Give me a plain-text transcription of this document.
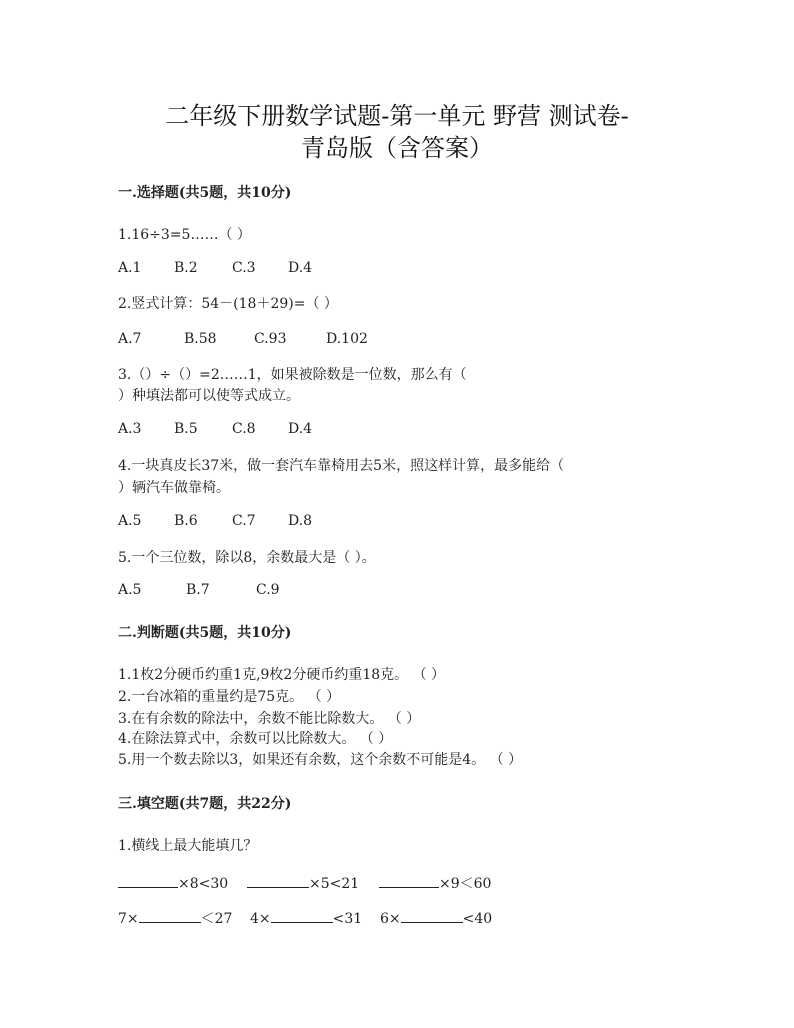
二年级下册数学试题-第一单元 野营 测试卷-
青岛版（含答案）
一.选择题(共5题，共10分)
1.16÷3=5……（ ）
A.1 B.2 C.3 D.4
2.竖式计算：54－(18＋29)=（ ）
A.7	B.58	C.93	D.102
3.（）÷（）=2……1，如果被除数是一位数，那么有（
）种填法都可以使等式成立。
A.3 B.5 C.8 D.4
4.一块真皮长37米，做一套汽车靠椅用去5米，照这样计算，最多能给（
）辆汽车做靠椅。
A.5 B.6 C.7 D.8
5.一个三位数，除以8，余数最大是（ ）。
A.5	B.7	C.9
二.判断题(共5题，共10分)
1.1枚2分硬币约重1克,9枚2分硬币约重18克。 （ ）
2.一台冰箱的重量约是75克。 （ ）
3.在有余数的除法中，余数不能比除数大。 （ ）
4.在除法算式中，余数可以比除数大。 （ ）
5.用一个数去除以3，如果还有余数，这个余数不可能是4。 （ ）
三.填空题(共7题，共22分)
1.横线上最大能填几？
×8<30	×5<21	×9＜60
7×	＜27 4×	<31 6×	<40
